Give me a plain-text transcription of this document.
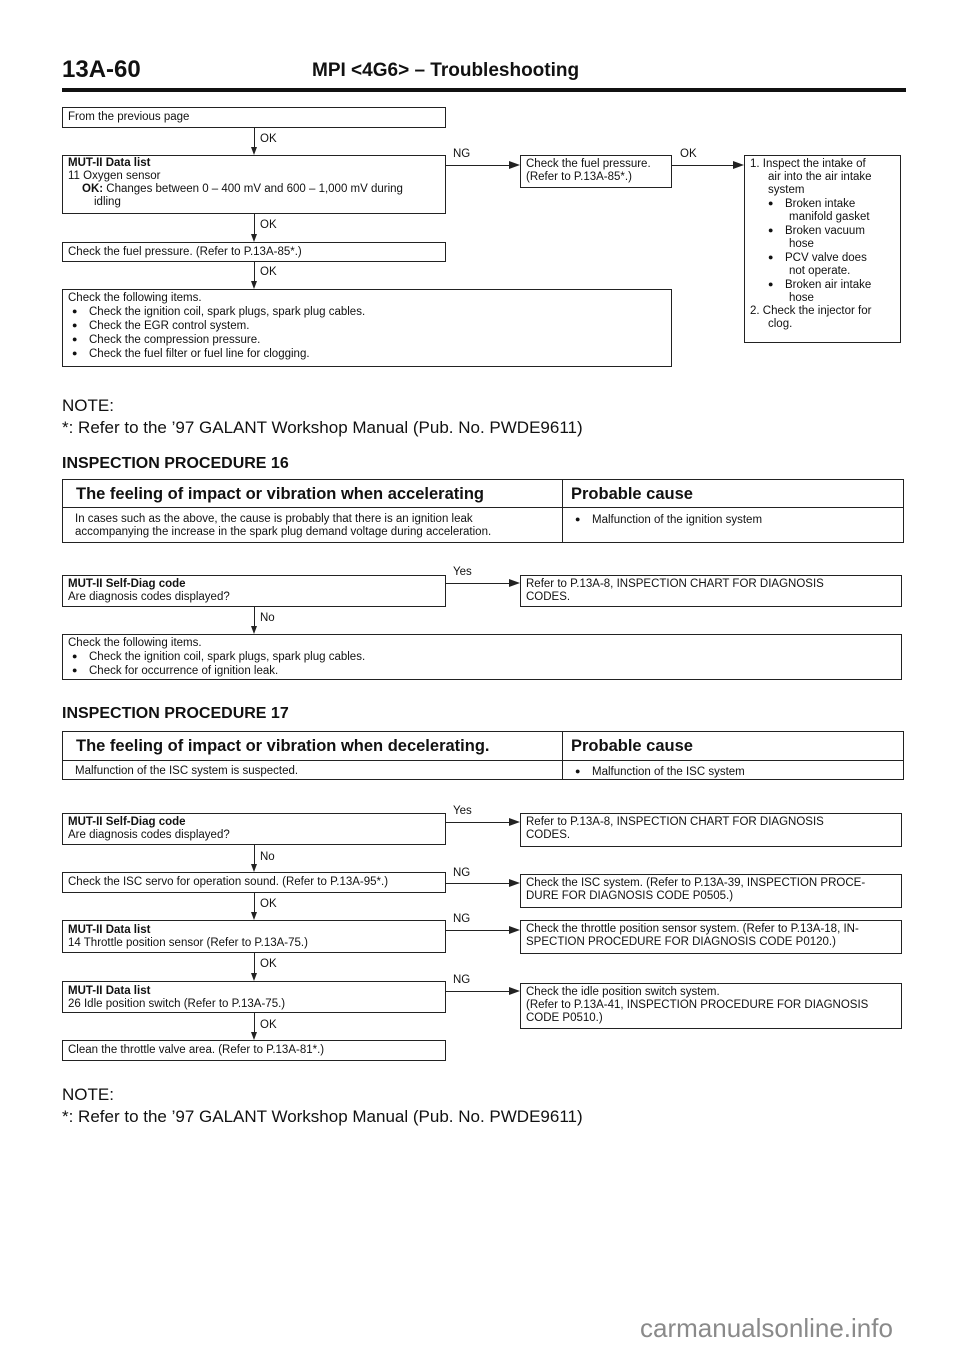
13A-60	MPI <4G6> – Troubleshooting
From the previous page
OK
MUT-II Data list
11 Oxygen sensor
OK: Changes between 0 – 400 mV and 600 – 1,000 mV during
idling
NG
Check the fuel pressure.
(Refer to P.13A-85*.)
OK
1. Inspect the intake of
air into the air intake
system
● Broken intake
manifold gasket
● Broken vacuum
hose
● PCV valve does
not operate.
● Broken air intake
hose
2. Check the injector for
clog.
OK
Check the fuel pressure. (Refer to P.13A-85*.)
OK
Check the following items.
● Check the ignition coil, spark plugs, spark plug cables.
● Check the EGR control system.
● Check the compression pressure.
● Check the fuel filter or fuel line for clogging.
NOTE:
*: Refer to the ’97 GALANT Workshop Manual (Pub. No. PWDE9611)
INSPECTION PROCEDURE 16
The feeling of impact or vibration when accelerating	Probable cause
In cases such as the above, the cause is probably that there is an ignition leak
accompanying the increase in the spark plug demand voltage during acceleration.
● Malfunction of the ignition system
Yes
MUT-II Self-Diag code
Are diagnosis codes displayed?
Refer to P.13A-8, INSPECTION CHART FOR DIAGNOSIS
CODES.
No
Check the following items.
● Check the ignition coil, spark plugs, spark plug cables.
● Check for occurrence of ignition leak.
INSPECTION PROCEDURE 17
The feeling of impact or vibration when decelerating.	Probable cause
Malfunction of the ISC system is suspected.
●	Malfunction of the ISC system
Yes
MUT-II Self-Diag code
Are diagnosis codes displayed?
Refer to P.13A-8, INSPECTION CHART FOR DIAGNOSIS
CODES.
No
Check the ISC servo for operation sound. (Refer to P.13A-95*.)
NG
Check the ISC system. (Refer to P.13A-39, INSPECTION PROCE-
DURE FOR DIAGNOSIS CODE P0505.)
OK
MUT-II Data list
14 Throttle position sensor (Refer to P.13A-75.)
NG
Check the throttle position sensor system. (Refer to P.13A-18, IN-
SPECTION PROCEDURE FOR DIAGNOSIS CODE P0120.)
OK
MUT-II Data list
26 Idle position switch (Refer to P.13A-75.)
NG
Check the idle position switch system.
(Refer to P.13A-41, INSPECTION PROCEDURE FOR DIAGNOSIS
CODE P0510.)
OK
Clean the throttle valve area. (Refer to P.13A-81*.)
NOTE:
*: Refer to the ’97 GALANT Workshop Manual (Pub. No. PWDE9611)
carmanualsonline.info
